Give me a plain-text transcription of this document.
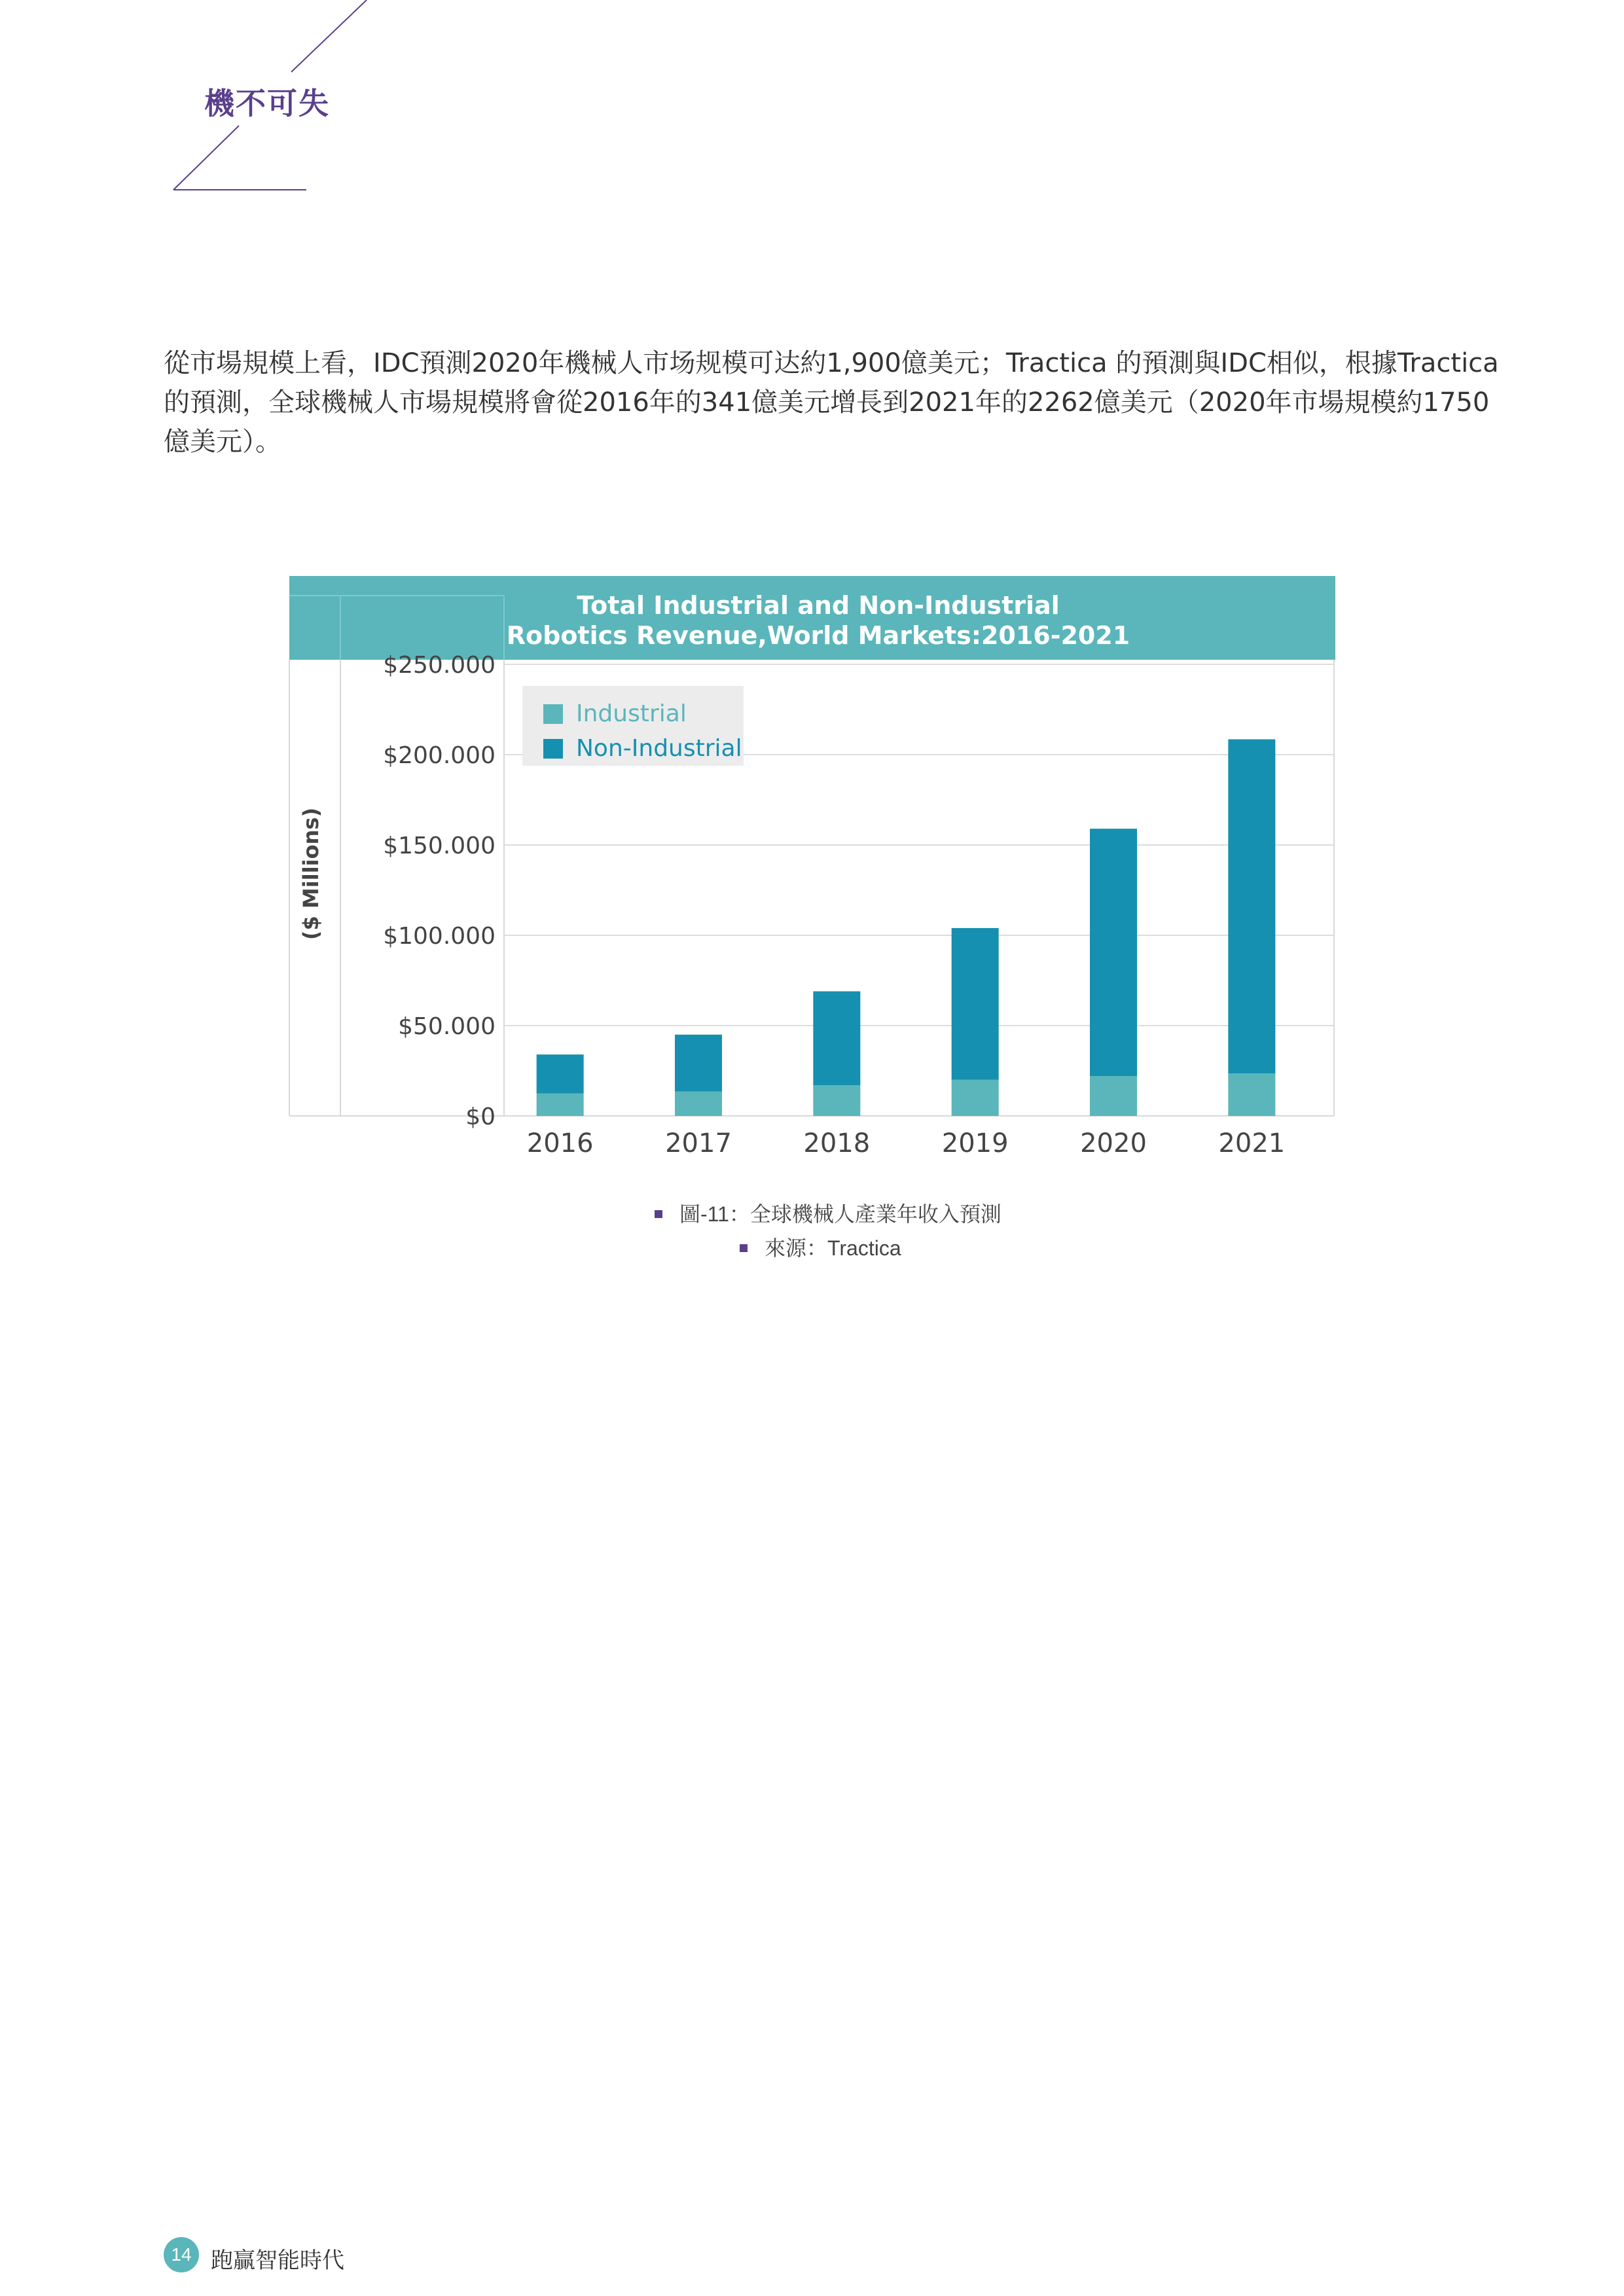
機不可失

從市場規模上看，IDC預測2020年機械人市场规模可达約1,900億美元；Tractica 的預測與IDC相似，根據Tractica
的預測，全球機械人市場規模將會從2016年的341億美元增長到2021年的2262億美元（2020年市場規模約1750
億美元）。

Total Industrial and Non-Industrial
Robotics Revenue,World Markets:2016-2021
($ Millions)
$0
$50.000
$100.000
$150.000
$200.000
$250.000
2016	2017	2018	2019	2020	2021
Industrial
Non-Industrial
圖-11：全球機械人產業年收入預測
來源：Tractica
14 跑贏智能時代
